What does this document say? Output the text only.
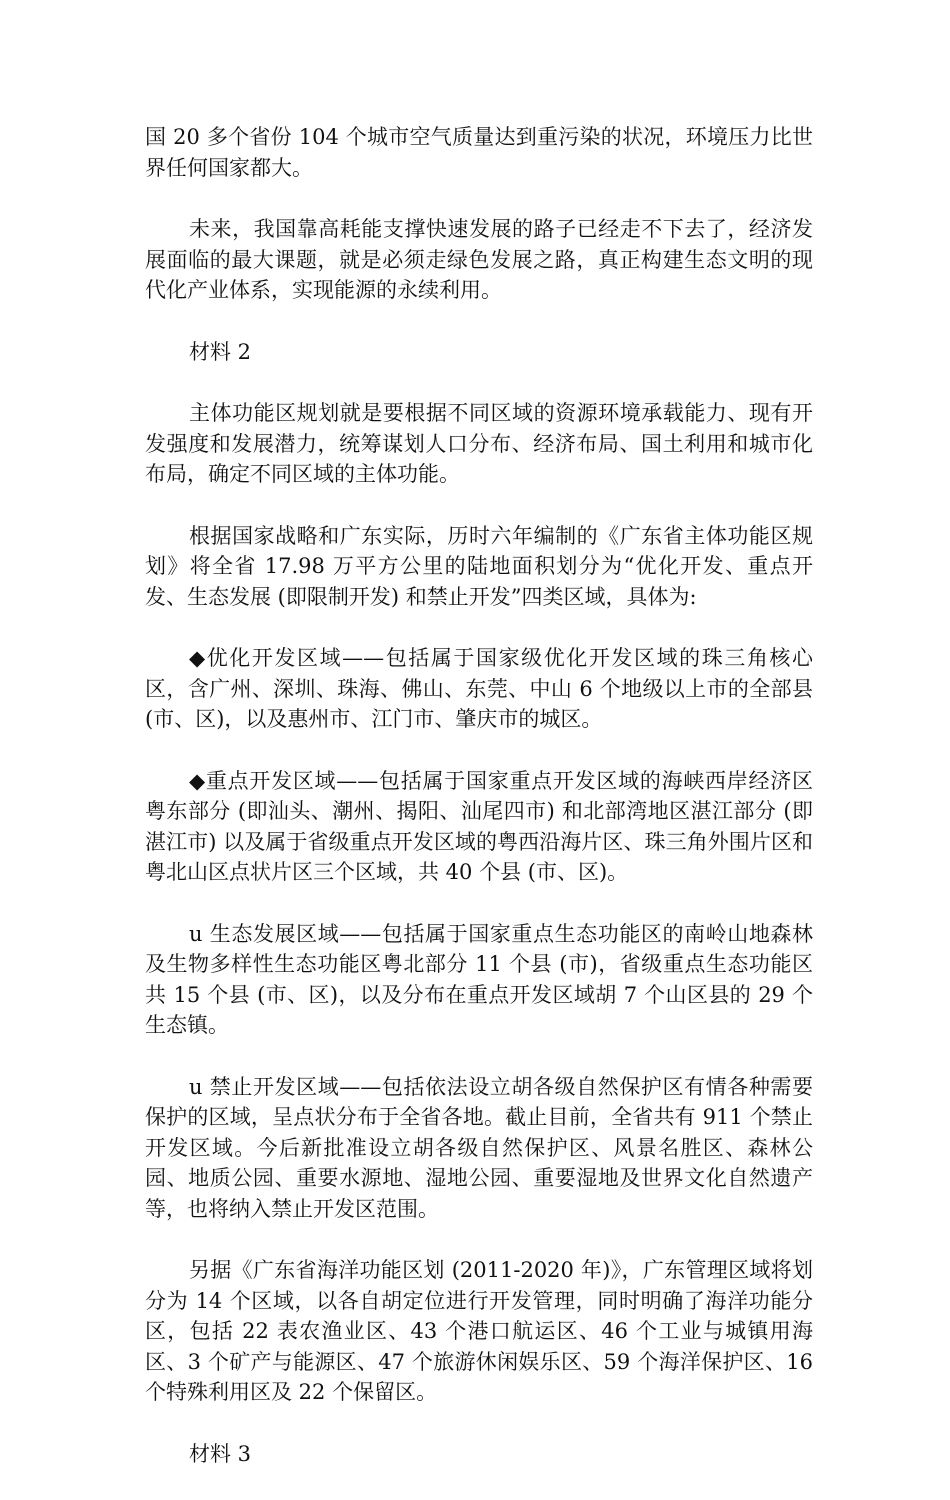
国 20 多个省份 104 个城市空气质量达到重污染的状况，环境压力比世界任何国家都大。

未来，我国靠高耗能支撑快速发展的路子已经走不下去了，经济发展面临的最大课题，就是必须走绿色发展之路，真正构建生态文明的现代化产业体系，实现能源的永续利用。

材料 2

主体功能区规划就是要根据不同区域的资源环境承载能力、现有开发强度和发展潜力，统筹谋划人口分布、经济布局、国土利用和城市化布局，确定不同区域的主体功能。

根据国家战略和广东实际，历时六年编制的《广东省主体功能区规划》将全省 17.98 万平方公里的陆地面积划分为“优化开发、重点开发、生态发展 (即限制开发) 和禁止开发”四类区域，具体为:

◆优化开发区域——包括属于国家级优化开发区域的珠三角核心区，含广州、深圳、珠海、佛山、东莞、中山 6 个地级以上市的全部县 (市、区)，以及惠州市、江门市、肇庆市的城区。

◆重点开发区域——包括属于国家重点开发区域的海峡西岸经济区粤东部分 (即汕头、潮州、揭阳、汕尾四市) 和北部湾地区湛江部分 (即湛江市) 以及属于省级重点开发区域的粤西沿海片区、珠三角外围片区和粤北山区点状片区三个区域，共 40 个县 (市、区)。

u 生态发展区域——包括属于国家重点生态功能区的南岭山地森林及生物多样性生态功能区粤北部分 11 个县 (市)，省级重点生态功能区共 15 个县 (市、区)，以及分布在重点开发区域胡 7 个山区县的 29 个生态镇。

u 禁止开发区域——包括依法设立胡各级自然保护区有情各种需要保护的区域，呈点状分布于全省各地。截止目前，全省共有 911 个禁止开发区域。今后新批准设立胡各级自然保护区、风景名胜区、森林公园、地质公园、重要水源地、湿地公园、重要湿地及世界文化自然遗产等，也将纳入禁止开发区范围。

另据《广东省海洋功能区划 (2011-2020 年)》，广东管理区域将划分为 14 个区域，以各自胡定位进行开发管理，同时明确了海洋功能分区，包括 22 表农渔业区、43 个港口航运区、46 个工业与城镇用海区、3 个矿产与能源区、47 个旅游休闲娱乐区、59 个海洋保护区、16 个特殊利用区及 22 个保留区。

材料 3
